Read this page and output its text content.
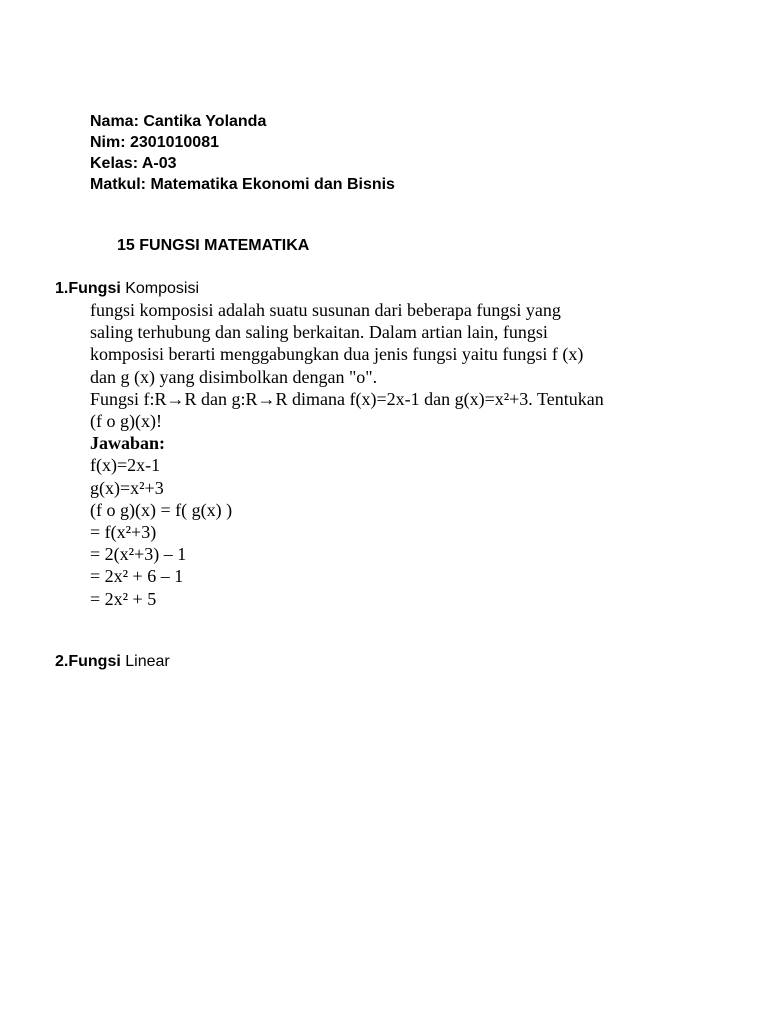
Nama: Cantika Yolanda
Nim: 2301010081
Kelas: A-03
Matkul: Matematika Ekonomi dan Bisnis
15 FUNGSI MATEMATIKA
1.Fungsi Komposisi
fungsi komposisi adalah suatu susunan dari beberapa fungsi yang
saling terhubung dan saling berkaitan. Dalam artian lain, fungsi
komposisi berarti menggabungkan dua jenis fungsi yaitu fungsi f (x)
dan g (x) yang disimbolkan dengan "o".
Fungsi f:R→R dan g:R→R dimana f(x)=2x-1 dan g(x)=x²+3. Tentukan
(f o g)(x)!
Jawaban:
f(x)=2x-1
g(x)=x²+3
(f o g)(x) = f( g(x) )
= f(x²+3)
= 2(x²+3) – 1
= 2x² + 6 – 1
= 2x² + 5
2.Fungsi Linear
